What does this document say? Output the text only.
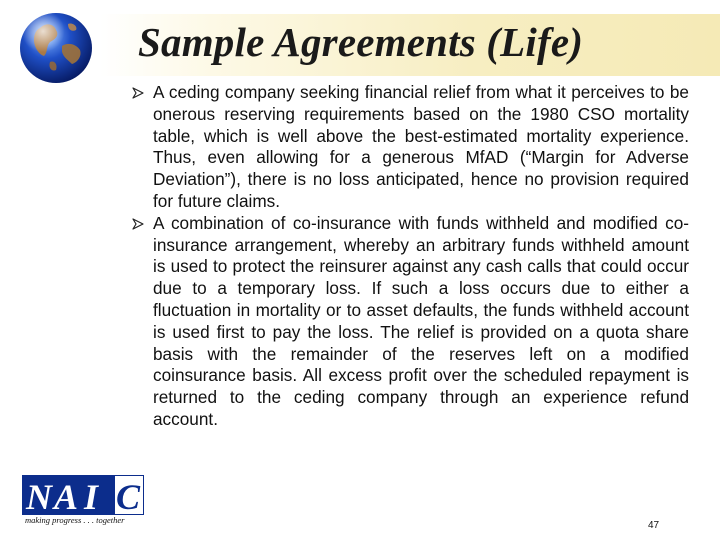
Sample Agreements (Life)

A ceding company seeking financial relief from what it perceives to be onerous reserving requirements based on the 1980 CSO mortality table, which is well above the best-estimated mortality experience. Thus, even allowing for a generous MfAD (“Margin for Adverse Deviation”), there is no loss anticipated, hence no provision required for future claims.

A combination of co-insurance with funds withheld and modified co-insurance arrangement, whereby an arbitrary funds withheld amount is used to protect the reinsurer against any cash calls that could occur due to a temporary loss. If such a loss occurs due to either a fluctuation in mortality or to asset defaults, the funds withheld account is used first to pay the loss. The relief is provided on a quota share basis with the remainder of the reserves left on a modified coinsurance basis. All excess profit over the scheduled repayment is returned to the ceding company through an experience refund account.

N A I C
making progress . . . together	47
